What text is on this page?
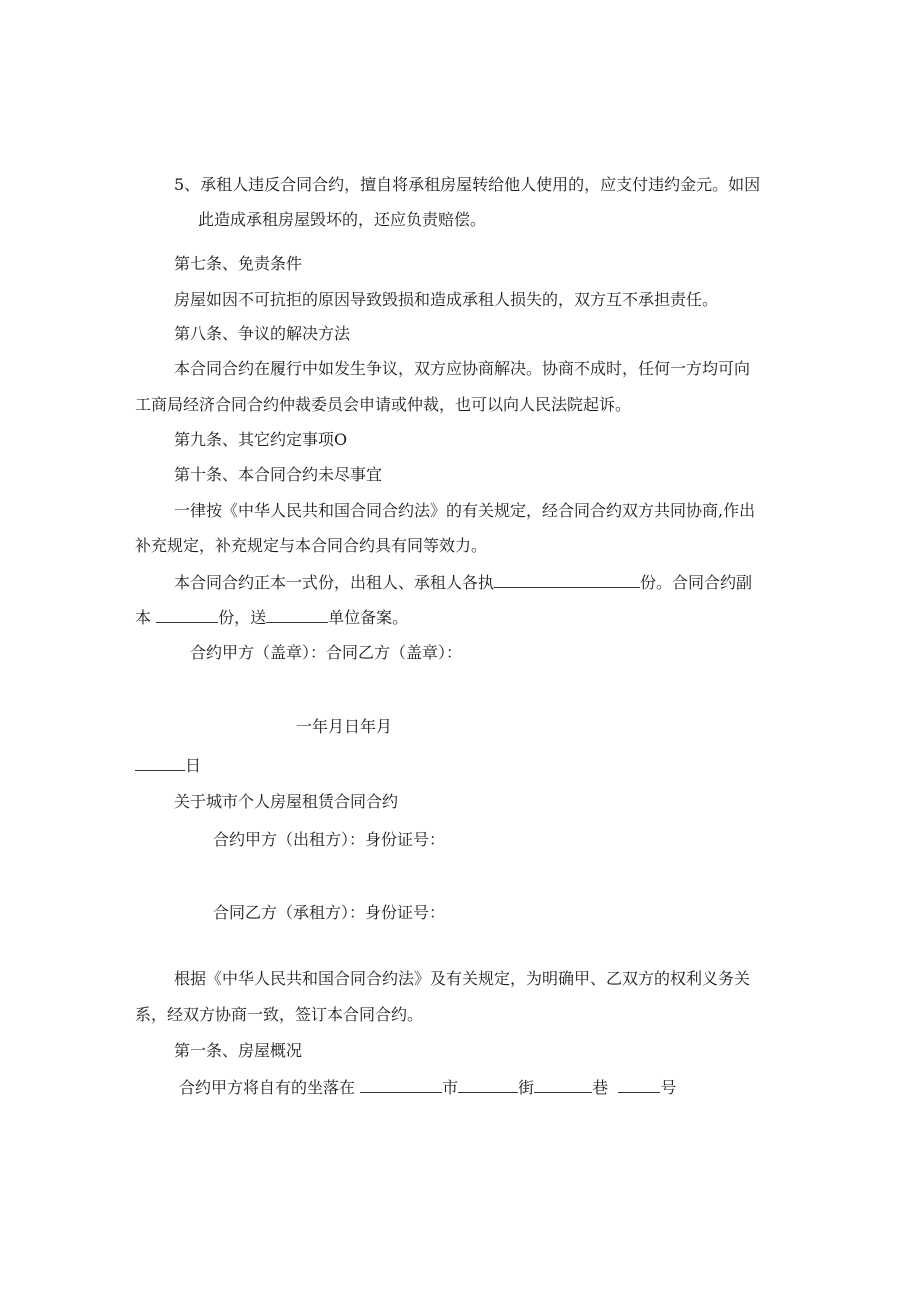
5、承租人违反合同合约，擅自将承租房屋转给他人使用的，应支付违约金元。如因
此造成承租房屋毁坏的，还应负责赔偿。
第七条、免责条件
房屋如因不可抗拒的原因导致毁损和造成承租人损失的，双方互不承担责任。
第八条、争议的解决方法
本合同合约在履行中如发生争议，双方应协商解决。协商不成时，任何一方均可向
工商局经济合同合约仲裁委员会申请或仲裁，也可以向人民法院起诉。
第九条、其它约定事项O
第十条、本合同合约未尽事宜
一律按《中华人民共和国合同合约法》的有关规定，经合同合约双方共同协商,作出
补充规定，补充规定与本合同合约具有同等效力。
本合同合约正本一式份，出租人、承租人各执	份。合同合约副
本	份，送	单位备案。
合约甲方（盖章）：合同乙方（盖章）：
一年月日年月
日
关于城市个人房屋租赁合同合约
合约甲方（出租方）：身份证号：
合同乙方（承租方）：身份证号：
根据《中华人民共和国合同合约法》及有关规定，为明确甲、乙双方的权利义务关
系，经双方协商一致，签订本合同合约。
第一条、房屋概况
合约甲方将自有的坐落在	市	街	巷	号
